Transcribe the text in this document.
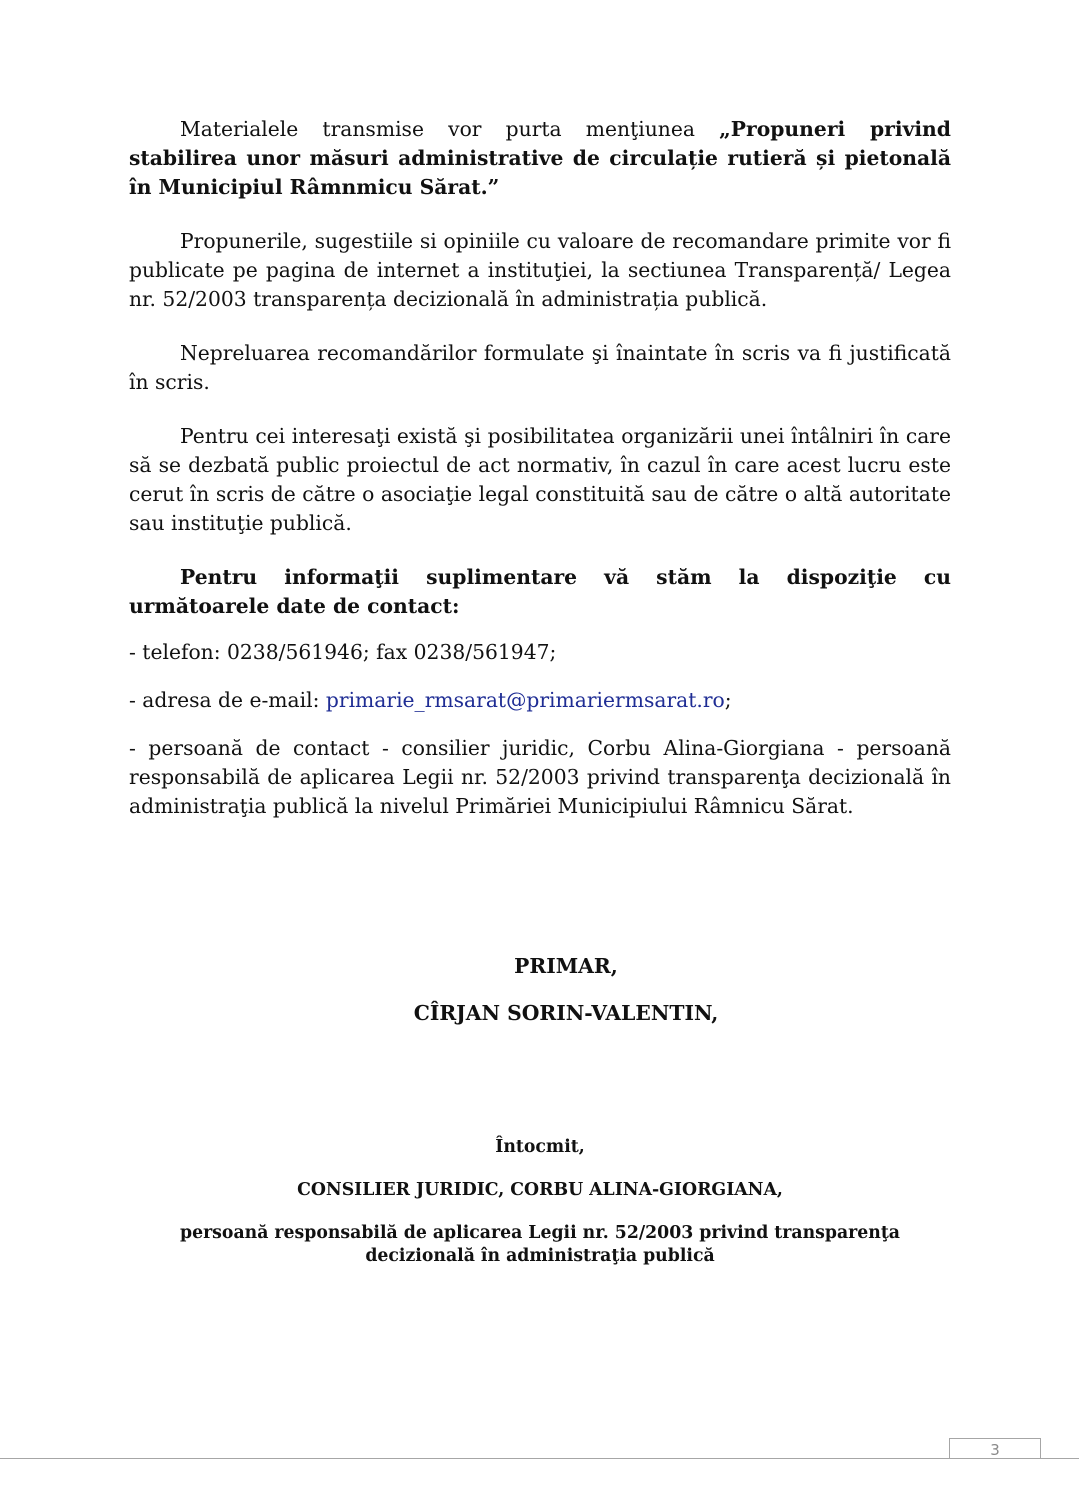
Materialele transmise vor purta menţiunea „Propuneri privind stabilirea unor măsuri administrative de circulație rutieră și pietonală în Municipiul Râmnmicu Sărat.”

Propunerile, sugestiile si opiniile cu valoare de recomandare primite vor fi publicate pe pagina de internet a instituţiei, la sectiunea Transparență/ Legea nr. 52/2003 transparența decizională în administrația publică.

Nepreluarea recomandărilor formulate şi înaintate în scris va fi justificată în scris.

Pentru cei interesaţi există şi posibilitatea organizării unei întâlniri în care să se dezbată public proiectul de act normativ, în cazul în care acest lucru este cerut în scris de către o asociaţie legal constituită sau de către o altă autoritate sau instituţie publică.

Pentru informaţii suplimentare vă stăm la dispoziţie cu următoarele date de contact:

- telefon: 0238/561946; fax 0238/561947;

- adresa de e-mail: primarie_rmsarat@primariermsarat.ro;

- persoană de contact - consilier juridic, Corbu Alina-Giorgiana - persoană responsabilă de aplicarea Legii nr. 52/2003 privind transparenţa decizională în administraţia publică la nivelul Primăriei Municipiului Râmnicu Sărat.

PRIMAR,

CÎRJAN SORIN-VALENTIN,

Întocmit,

CONSILIER JURIDIC, CORBU ALINA-GIORGIANA,

persoană responsabilă de aplicarea Legii nr. 52/2003 privind transparenţa decizională în administraţia publică

3
